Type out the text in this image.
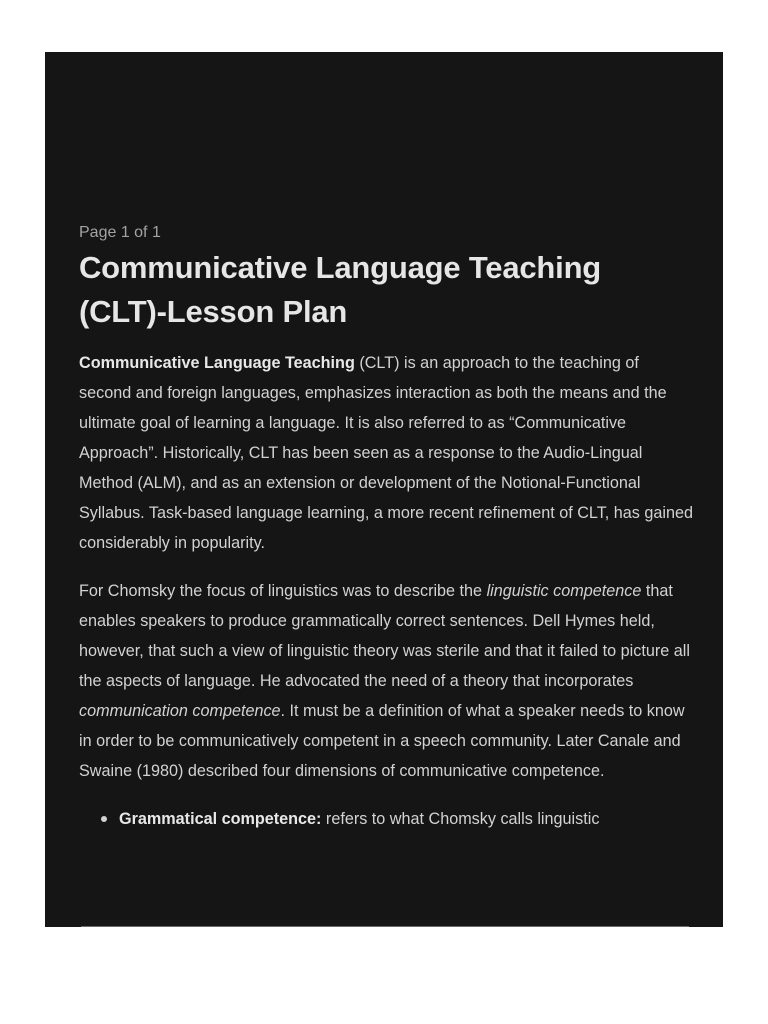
Page 1 of 1
Communicative Language Teaching (CLT)-Lesson Plan

Communicative Language Teaching (CLT) is an approach to the teaching of second and foreign languages, emphasizes interaction as both the means and the ultimate goal of learning a language. It is also referred to as “Communicative Approach”. Historically, CLT has been seen as a response to the Audio-Lingual Method (ALM), and as an extension or development of the Notional-Functional Syllabus. Task-based language learning, a more recent refinement of CLT, has gained considerably in popularity.

For Chomsky the focus of linguistics was to describe the linguistic competence that enables speakers to produce grammatically correct sentences. Dell Hymes held, however, that such a view of linguistic theory was sterile and that it failed to picture all the aspects of language. He advocated the need of a theory that incorporates communication competence. It must be a definition of what a speaker needs to know in order to be communicatively competent in a speech community. Later Canale and Swaine (1980) described four dimensions of communicative competence.

Grammatical competence: refers to what Chomsky calls linguistic
